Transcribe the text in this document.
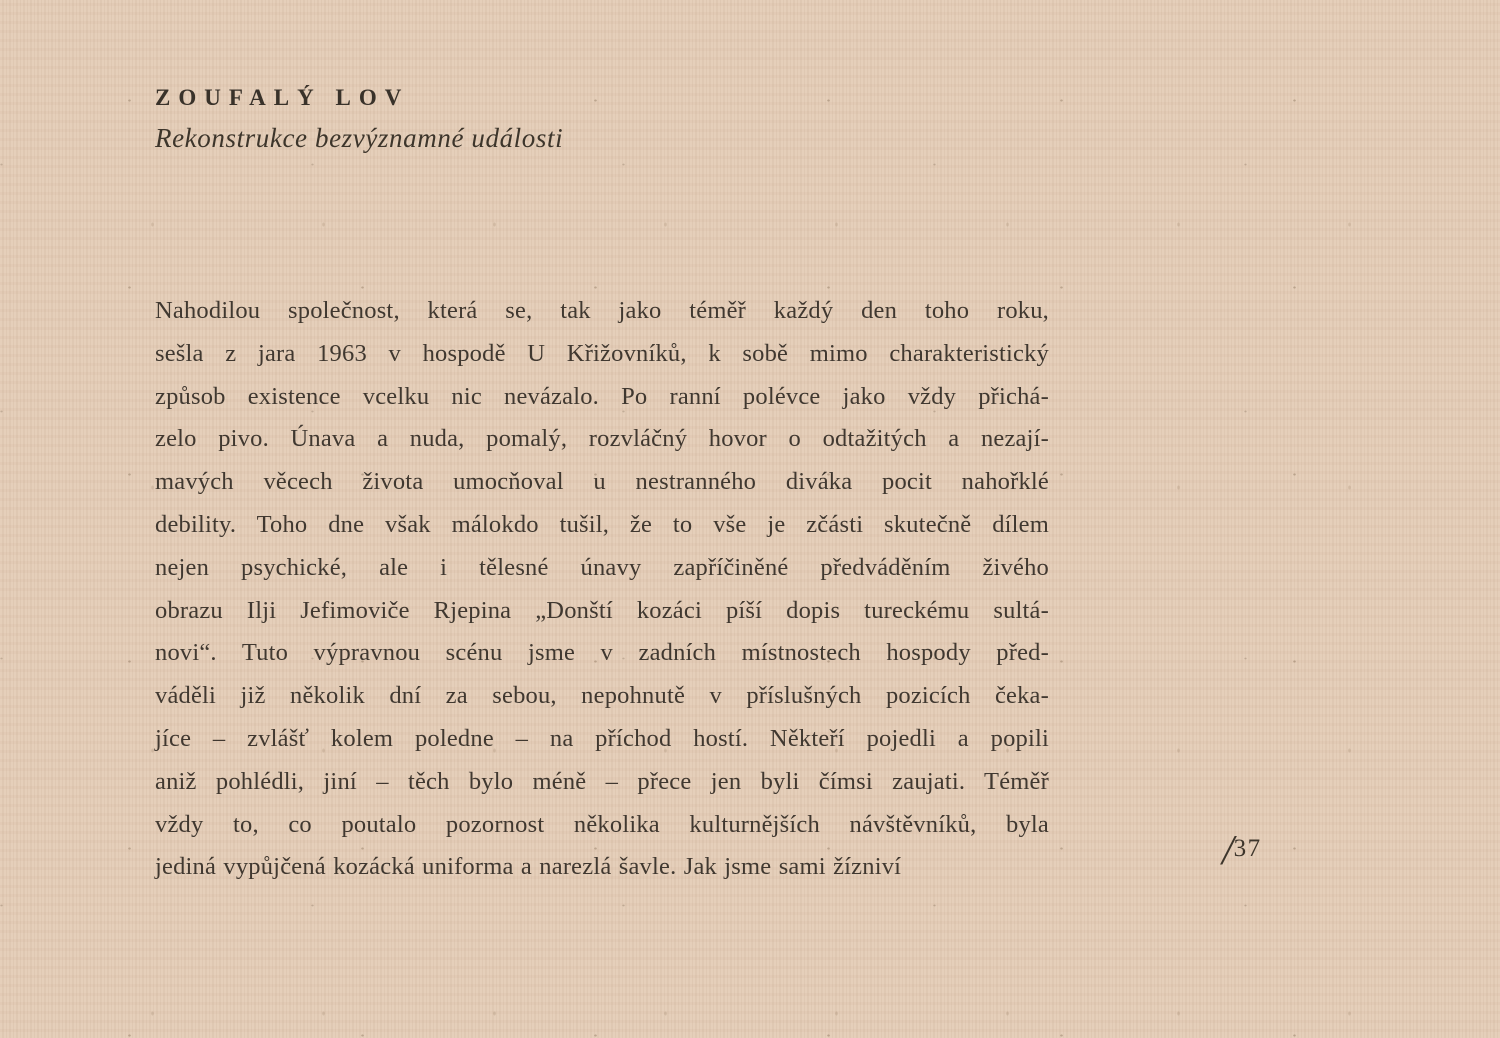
ZOUFALÝ LOV
Rekonstrukce bezvýznamné události
Nahodilou společnost, která se, tak jako téměř každý den toho roku,
sešla z jara 1963 v hospodě U Křižovníků, k sobě mimo charakteristický
způsob existence vcelku nic nevázalo. Po ranní polévce jako vždy přichá-
zelo pivo. Únava a nuda, pomalý, rozvláčný hovor o odtažitých a nezají-
mavých věcech života umocňoval u nestranného diváka pocit nahořklé
debility. Toho dne však málokdo tušil, že to vše je zčásti skutečně dílem
nejen psychické, ale i tělesné únavy zapříčiněné předváděním živého
obrazu Ilji Jefimoviče Rjepina „Donští kozáci píší dopis tureckému sultá-
novi“. Tuto výpravnou scénu jsme v zadních místnostech hospody před-
váděli již několik dní za sebou, nepohnutě v příslušných pozicích čeka-
jíce – zvlášť kolem poledne – na příchod hostí. Někteří pojedli a popili
aniž pohlédli, jiní – těch bylo méně – přece jen byli čímsi zaujati. Téměř
vždy to, co poutalo pozornost několika kulturnějších návštěvníků, byla
jediná vypůjčená kozácká uniforma a narezlá šavle. Jak jsme sami žízniví	/37
